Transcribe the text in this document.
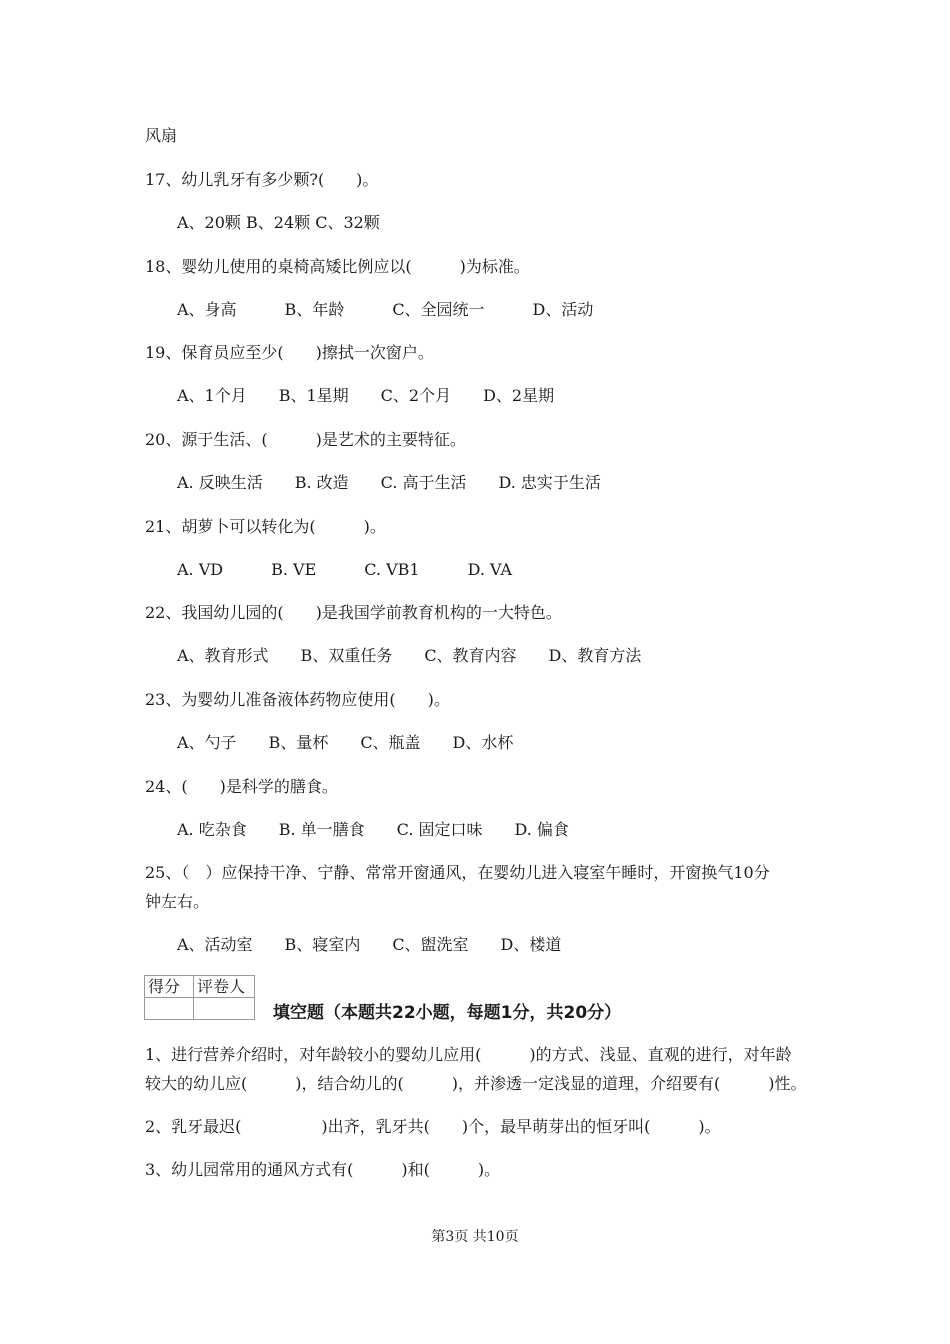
风扇
17、幼儿乳牙有多少颗?(　　)。
A、20颗 B、24颗 C、32颗
18、婴幼儿使用的桌椅高矮比例应以(　　　)为标准。
A、身高　　　B、年龄　　　C、全园统一　　　D、活动
19、保育员应至少(　　)擦拭一次窗户。
A、1个月　　B、1星期　　C、2个月　　D、2星期
20、源于生活、(　　　)是艺术的主要特征。
A. 反映生活　　B. 改造　　C. 高于生活　　D. 忠实于生活
21、胡萝卜可以转化为(　　　)。
A. VD　　　B. VE　　　C. VB1　　　D. VA
22、我国幼儿园的(　　)是我国学前教育机构的一大特色。
A、教育形式　　B、双重任务　　C、教育内容　　D、教育方法
23、为婴幼儿准备液体药物应使用(　　)。
A、勺子　　B、量杯　　C、瓶盖　　D、水杯
24、(　　)是科学的膳食。
A. 吃杂食　　B. 单一膳食　　C. 固定口味　　D. 偏食
25、（　）应保持干净、宁静、常常开窗通风，在婴幼儿进入寝室午睡时，开窗换气10分
钟左右。
A、活动室　　B、寝室内　　C、盥洗室　　D、楼道
得分	评卷人

填空题（本题共22小题，每题1分，共20分）
1、进行营养介绍时，对年龄较小的婴幼儿应用(　　　)的方式、浅显、直观的进行，对年龄
较大的幼儿应(　　　)，结合幼儿的(　　　)，并渗透一定浅显的道理，介绍要有(　　　)性。
2、乳牙最迟(　　　　　)出齐，乳牙共(　　)个，最早萌芽出的恒牙叫(　　　)。
3、幼儿园常用的通风方式有(　　　)和(　　　)。
第3页 共10页
